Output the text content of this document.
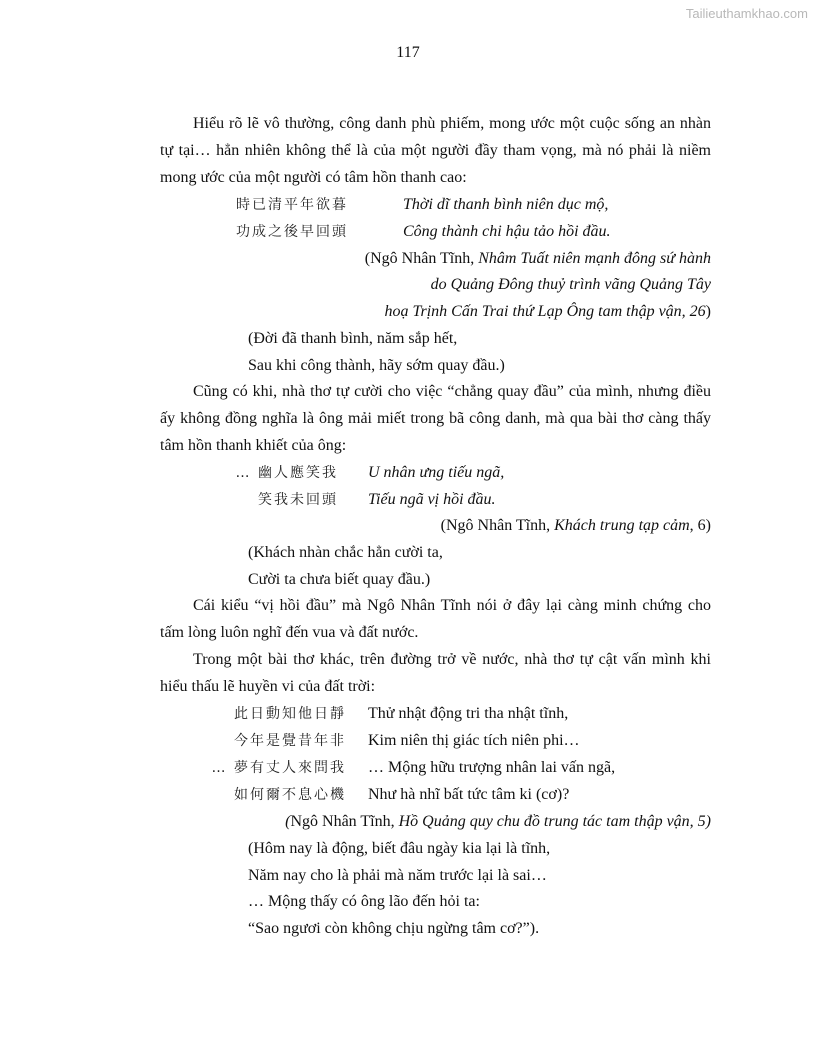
Tailieuthamkhao.com
117
Hiểu rõ lẽ vô thường, công danh phù phiếm, mong ước một cuộc sống an nhàn
tự tại… hẳn nhiên không thể là của một người đầy tham vọng, mà nó phải là niềm
mong ước của một người có tâm hồn thanh cao:
時已清平年欲暮	Thời dĩ thanh bình niên dục mộ,
功成之後早回頭	Công thành chi hậu tảo hồi đầu.
(Ngô Nhân Tĩnh, Nhâm Tuất niên mạnh đông sứ hành
do Quảng Đông thuỷ trình vãng Quảng Tây
hoạ Trịnh Cấn Trai thứ Lạp Ông tam thập vận, 26)
(Đời đã thanh bình, năm sắp hết,
Sau khi công thành, hãy sớm quay đầu.)
Cũng có khi, nhà thơ tự cười cho việc “chẳng quay đầu” của mình, nhưng điều
ấy không đồng nghĩa là ông mải miết trong bã công danh, mà qua bài thơ càng thấy
tâm hồn thanh khiết của ông:
… 幽人應笑我 U nhân ưng tiếu ngã,
笑我未回頭 Tiếu ngã vị hồi đầu.
(Ngô Nhân Tĩnh, Khách trung tạp cảm, 6)
(Khách nhàn chắc hẳn cười ta,
Cười ta chưa biết quay đầu.)
Cái kiểu “vị hồi đầu” mà Ngô Nhân Tĩnh nói ở đây lại càng minh chứng cho
tấm lòng luôn nghĩ đến vua và đất nước.
Trong một bài thơ khác, trên đường trở về nước, nhà thơ tự cật vấn mình khi
hiểu thấu lẽ huyền vi của đất trời:
此日動知他日靜 Thử nhật động tri tha nhật tĩnh,
今年是覺昔年非 Kim niên thị giác tích niên phi…
… 夢有丈人來問我 … Mộng hữu trượng nhân lai vấn ngã,
如何爾不息心機 Như hà nhĩ bất tức tâm ki (cơ)?
(Ngô Nhân Tĩnh, Hồ Quảng quy chu đồ trung tác tam thập vận, 5)
(Hôm nay là động, biết đâu ngày kia lại là tĩnh,
Năm nay cho là phải mà năm trước lại là sai…
… Mộng thấy có ông lão đến hỏi ta:
“Sao ngươi còn không chịu ngừng tâm cơ?”).
